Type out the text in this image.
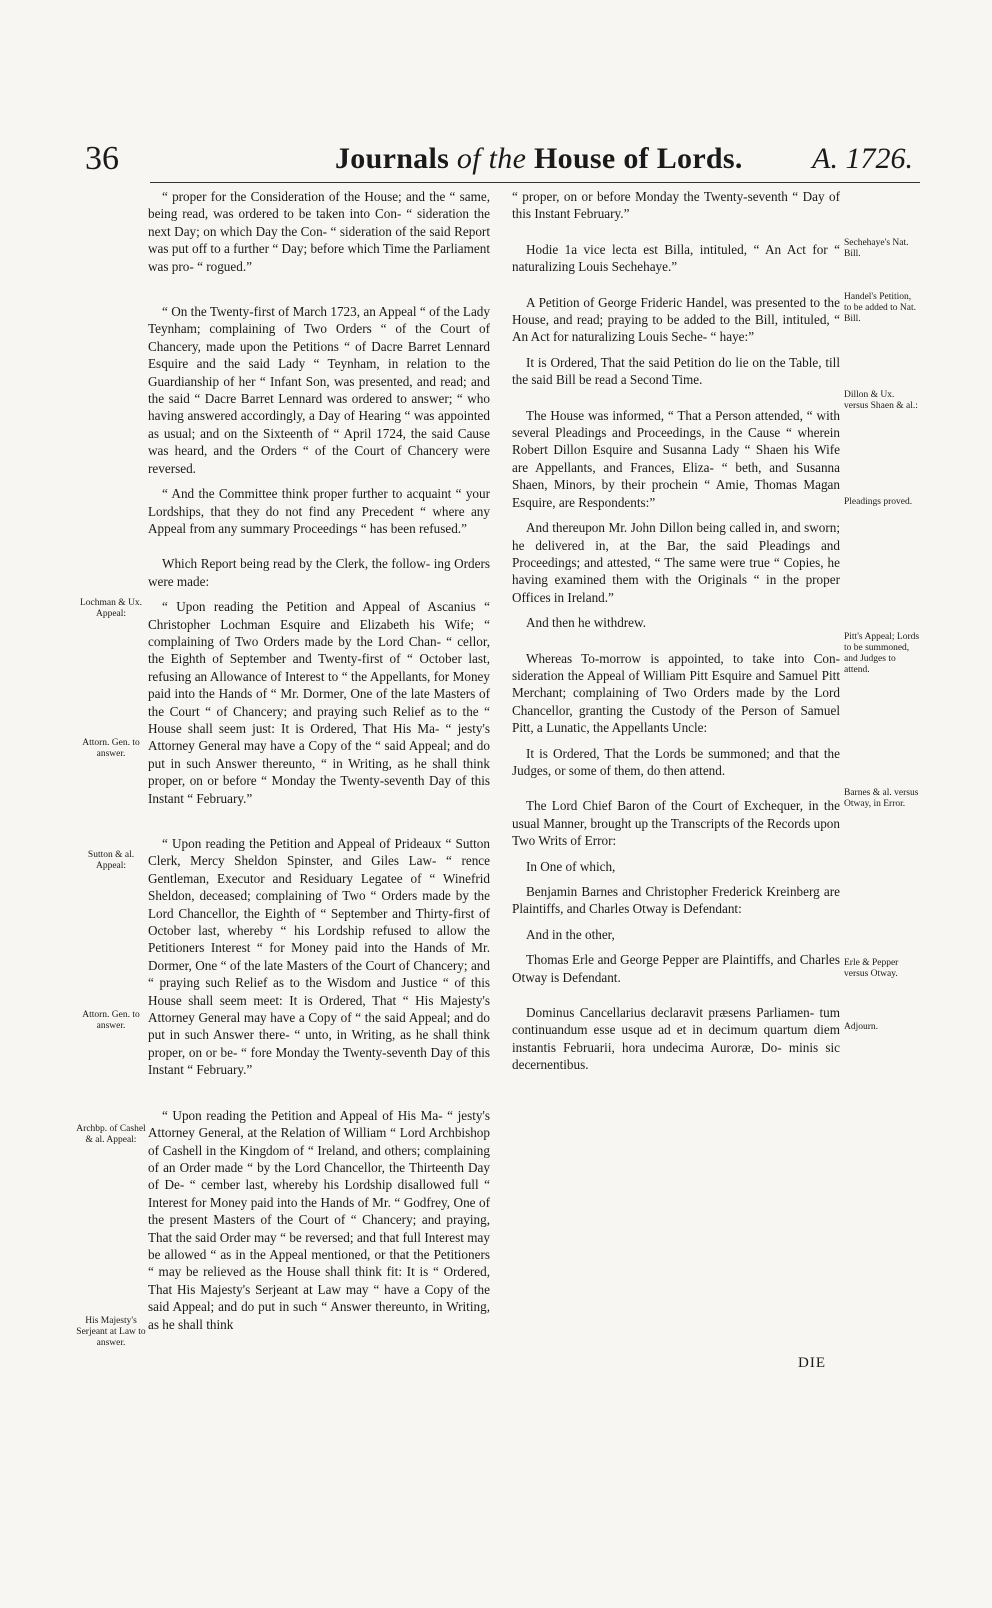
36	Journals of the House of Lords. A. 1726.

“ proper for the Consideration of the House; and the “ same, being read, was ordered to be taken into Con- “ sideration the next Day; on which Day the Con- “ sideration of the said Report was put off to a further “ Day; before which Time the Parliament was pro- “ rogued.”

“ On the Twenty-first of March 1723, an Appeal “ of the Lady Teynham; complaining of Two Orders “ of the Court of Chancery, made upon the Petitions “ of Dacre Barret Lennard Esquire and the said Lady “ Teynham, in relation to the Guardianship of her “ Infant Son, was presented, and read; and the said “ Dacre Barret Lennard was ordered to answer; “ who having answered accordingly, a Day of Hearing “ was appointed as usual; and on the Sixteenth of “ April 1724, the said Cause was heard, and the Orders “ of the Court of Chancery were reversed.

“ And the Committee think proper further to acquaint “ your Lordships, that they do not find any Precedent “ where any Appeal from any summary Proceedings “ has been refused.”

Which Report being read by the Clerk, the follow- ing Orders were made:

“ Upon reading the Petition and Appeal of Ascanius “ Christopher Lochman Esquire and Elizabeth his Wife; “ complaining of Two Orders made by the Lord Chan- “ cellor, the Eighth of September and Twenty-first of “ October last, refusing an Allowance of Interest to “ the Appellants, for Money paid into the Hands of “ Mr. Dormer, One of the late Masters of the Court “ of Chancery; and praying such Relief as to the “ House shall seem just: It is Ordered, That His Ma- “ jesty's Attorney General may have a Copy of the “ said Appeal; and do put in such Answer thereunto, “ in Writing, as he shall think proper, on or before “ Monday the Twenty-seventh Day of this Instant “ February.”

“ Upon reading the Petition and Appeal of Prideaux “ Sutton Clerk, Mercy Sheldon Spinster, and Giles Law- “ rence Gentleman, Executor and Residuary Legatee of “ Winefrid Sheldon, deceased; complaining of Two “ Orders made by the Lord Chancellor, the Eighth of “ September and Thirty-first of October last, whereby “ his Lordship refused to allow the Petitioners Interest “ for Money paid into the Hands of Mr. Dormer, One “ of the late Masters of the Court of Chancery; and “ praying such Relief as to the Wisdom and Justice “ of this House shall seem meet: It is Ordered, That “ His Majesty's Attorney General may have a Copy of “ the said Appeal; and do put in such Answer there- “ unto, in Writing, as he shall think proper, on or be- “ fore Monday the Twenty-seventh Day of this Instant “ February.”

“ Upon reading the Petition and Appeal of His Ma- “ jesty's Attorney General, at the Relation of William “ Lord Archbishop of Cashell in the Kingdom of “ Ireland, and others; complaining of an Order made “ by the Lord Chancellor, the Thirteenth Day of De- “ cember last, whereby his Lordship disallowed full “ Interest for Money paid into the Hands of Mr. “ Godfrey, One of the present Masters of the Court of “ Chancery; and praying, That the said Order may “ be reversed; and that full Interest may be allowed “ as in the Appeal mentioned, or that the Petitioners “ may be relieved as the House shall think fit: It is “ Ordered, That His Majesty's Serjeant at Law may “ have a Copy of the said Appeal; and do put in such “ Answer thereunto, in Writing, as he shall think

“ proper, on or before Monday the Twenty-seventh “ Day of this Instant February.”

Hodie 1a vice lecta est Billa, intituled, “ An Act for “ naturalizing Louis Sechehaye.”

A Petition of George Frideric Handel, was presented to the House, and read; praying to be added to the Bill, intituled, “ An Act for naturalizing Louis Seche- “ haye:”

It is Ordered, That the said Petition do lie on the Table, till the said Bill be read a Second Time.

The House was informed, “ That a Person attended, “ with several Pleadings and Proceedings, in the Cause “ wherein Robert Dillon Esquire and Susanna Lady “ Shaen his Wife are Appellants, and Frances, Eliza- “ beth, and Susanna Shaen, Minors, by their prochein “ Amie, Thomas Magan Esquire, are Respondents:”

And thereupon Mr. John Dillon being called in, and sworn; he delivered in, at the Bar, the said Pleadings and Proceedings; and attested, “ The same were true “ Copies, he having examined them with the Originals “ in the proper Offices in Ireland.”

And then he withdrew.

Whereas To-morrow is appointed, to take into Con- sideration the Appeal of William Pitt Esquire and Samuel Pitt Merchant; complaining of Two Orders made by the Lord Chancellor, granting the Custody of the Person of Samuel Pitt, a Lunatic, the Appellants Uncle:

It is Ordered, That the Lords be summoned; and that the Judges, or some of them, do then attend.

The Lord Chief Baron of the Court of Exchequer, in the usual Manner, brought up the Transcripts of the Records upon Two Writs of Error:

In One of which,

Benjamin Barnes and Christopher Frederick Kreinberg are Plaintiffs, and Charles Otway is Defendant:

And in the other,

Thomas Erle and George Pepper are Plaintiffs, and Charles Otway is Defendant.

Dominus Cancellarius declaravit præsens Parliamen- tum continuandum esse usque ad et in decimum quartum diem instantis Februarii, hora undecima Auroræ, Do- minis sic decernentibus.

Lochman & Ux. Appeal:
Attorn. Gen. to answer.
Sutton & al. Appeal:
Attorn. Gen. to answer.
Archbp. of Cashel & al. Appeal:
His Majesty's Serjeant at Law to answer.
Sechehaye's Nat. Bill.
Handel's Petition, to be added to Nat. Bill.
Dillon & Ux. versus Shaen & al.:
Pleadings proved.
Pitt's Appeal; Lords to be summoned, and Judges to attend.
Barnes & al. versus Otway, in Error.
Erle & Pepper versus Otway.
Adjourn.
DIE
